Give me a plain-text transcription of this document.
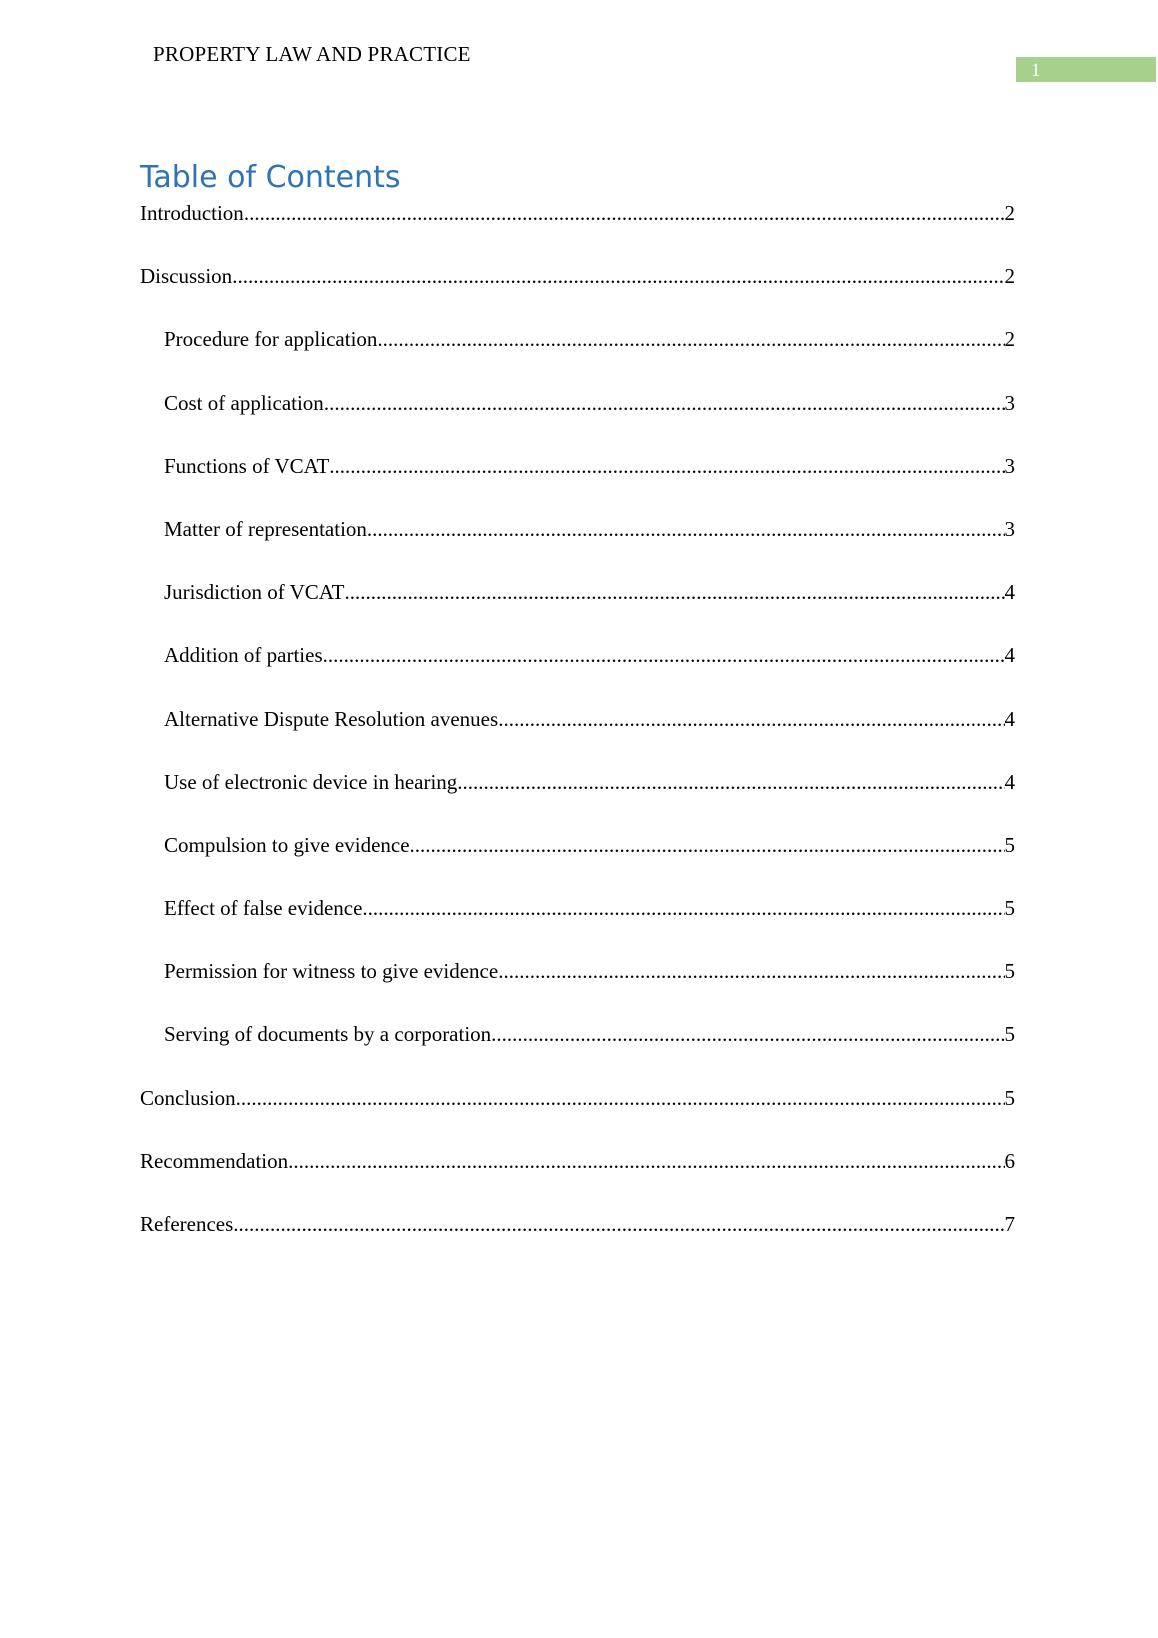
PROPERTY LAW AND PRACTICE
1
Table of Contents
Introduction .....	2
Discussion .....	2
Procedure for application .....	2
Cost of application .....	3
Functions of VCAT .....	3
Matter of representation .....	3
Jurisdiction of VCAT .....	4
Addition of parties .....	4
Alternative Dispute Resolution avenues .....	4
Use of electronic device in hearing .....	4
Compulsion to give evidence .....	5
Effect of false evidence .....	5
Permission for witness to give evidence .....	5
Serving of documents by a corporation .....	5
Conclusion .....	5
Recommendation .....	6
References .....	7
